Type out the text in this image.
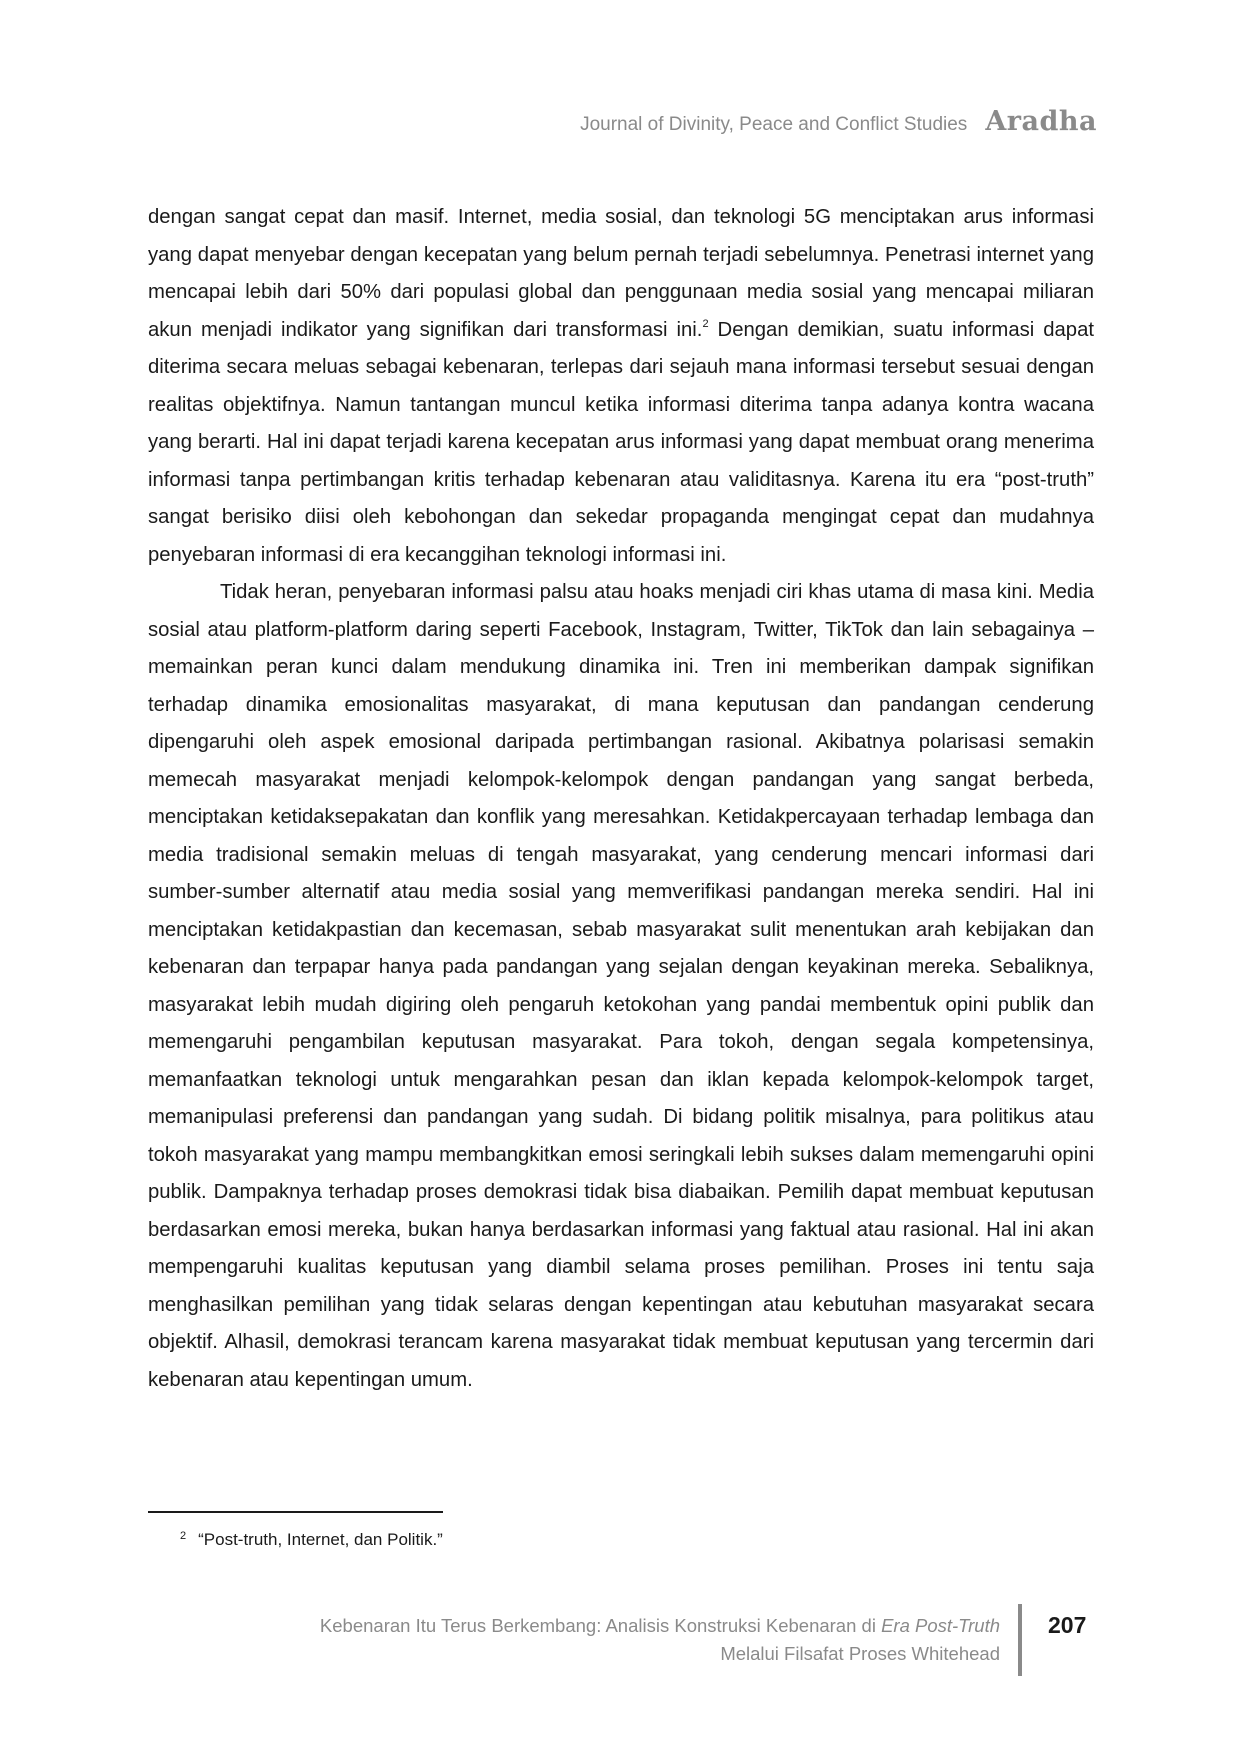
Journal of Divinity, Peace and Conflict Studies Aradha

dengan sangat cepat dan masif. Internet, media sosial, dan teknologi 5G menciptakan arus informasi yang dapat menyebar dengan kecepatan yang belum pernah terjadi sebelumnya. Penetrasi internet yang mencapai lebih dari 50% dari populasi global dan penggunaan media sosial yang mencapai miliaran akun menjadi indikator yang signifikan dari transformasi ini.$^2$ Dengan demikian, suatu informasi dapat diterima secara meluas sebagai kebenaran, terlepas dari sejauh mana informasi tersebut sesuai dengan realitas objektifnya. Namun tantangan muncul ketika informasi diterima tanpa adanya kontra wacana yang berarti. Hal ini dapat terjadi karena kecepatan arus informasi yang dapat membuat orang menerima informasi tanpa pertimbangan kritis terhadap kebenaran atau validitasnya. Karena itu era “post-truth” sangat berisiko diisi oleh kebohongan dan sekedar propaganda mengingat cepat dan mudahnya penyebaran informasi di era kecanggihan teknologi informasi ini.

Tidak heran, penyebaran informasi palsu atau hoaks menjadi ciri khas utama di masa kini. Media sosial atau platform-platform daring seperti Facebook, Instagram, Twitter, TikTok dan lain sebagainya – memainkan peran kunci dalam mendukung dinamika ini. Tren ini memberikan dampak signifikan terhadap dinamika emosionalitas masyarakat, di mana keputusan dan pandangan cenderung dipengaruhi oleh aspek emosional daripada pertimbangan rasional. Akibatnya polarisasi semakin memecah masyarakat menjadi kelompok-kelompok dengan pandangan yang sangat berbeda, menciptakan ketidaksepakatan dan konflik yang meresahkan. Ketidakpercayaan terhadap lembaga dan media tradisional semakin meluas di tengah masyarakat, yang cenderung mencari informasi dari sumber-sumber alternatif atau media sosial yang memverifikasi pandangan mereka sendiri. Hal ini menciptakan ketidakpastian dan kecemasan, sebab masyarakat sulit menentukan arah kebijakan dan kebenaran dan terpapar hanya pada pandangan yang sejalan dengan keyakinan mereka. Sebaliknya, masyarakat lebih mudah digiring oleh pengaruh ketokohan yang pandai membentuk opini publik dan memengaruhi pengambilan keputusan masyarakat. Para tokoh, dengan segala kompetensinya, memanfaatkan teknologi untuk mengarahkan pesan dan iklan kepada kelompok-kelompok target, memanipulasi preferensi dan pandangan yang sudah. Di bidang politik misalnya, para politikus atau tokoh masyarakat yang mampu membangkitkan emosi seringkali lebih sukses dalam memengaruhi opini publik. Dampaknya terhadap proses demokrasi tidak bisa diabaikan. Pemilih dapat membuat keputusan berdasarkan emosi mereka, bukan hanya berdasarkan informasi yang faktual atau rasional. Hal ini akan mempengaruhi kualitas keputusan yang diambil selama proses pemilihan. Proses ini tentu saja menghasilkan pemilihan yang tidak selaras dengan kepentingan atau kebutuhan masyarakat secara objektif. Alhasil, demokrasi terancam karena masyarakat tidak membuat keputusan yang tercermin dari kebenaran atau kepentingan umum.

$^2$ “Post-truth, Internet, dan Politik.”
Kebenaran Itu Terus Berkembang: Analisis Konstruksi Kebenaran di Era Post-Truth
Melalui Filsafat Proses Whitehead
207
